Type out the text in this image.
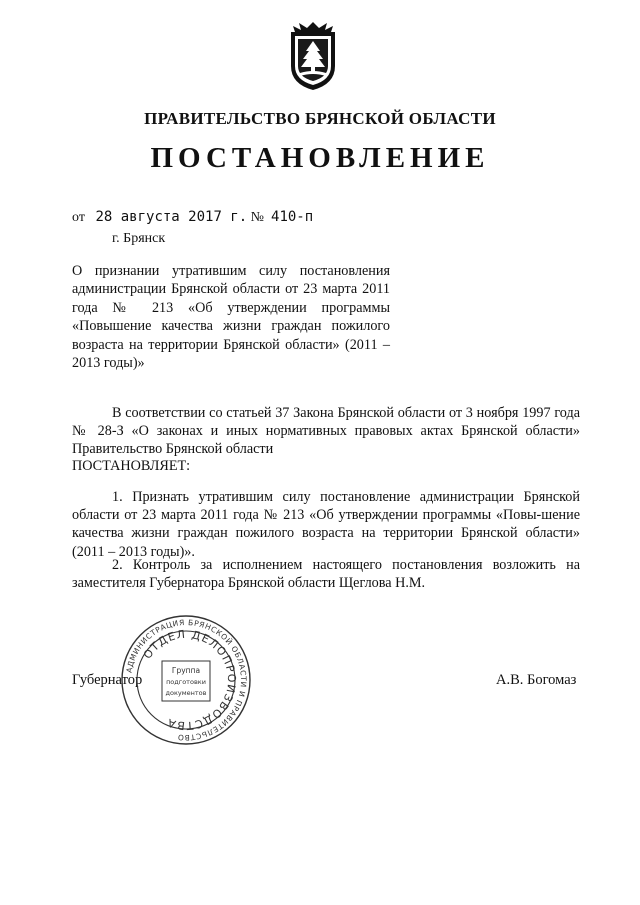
ПРАВИТЕЛЬСТВО БРЯНСКОЙ ОБЛАСТИ
ПОСТАНОВЛЕНИЕ
от 28 августа 2017 г. № 410-п
г. Брянск
О признании утратившим силу постановления администрации Брянской области от 23 марта 2011 года № 213 «Об утверждении программы «Повышение качества жизни граждан пожилого возраста на территории Брянской области» (2011 – 2013 годы)»
В соответствии со статьей 37 Закона Брянской области от 3 ноября 1997 года № 28-З «О законах и иных нормативных правовых актах Брянской области» Правительство Брянской области
ПОСТАНОВЛЯЕТ:
1. Признать утратившим силу постановление администрации Брянской области от 23 марта 2011 года № 213 «Об утверждении программы «Повы-шение качества жизни граждан пожилого возраста на территории Брянской области» (2011 – 2013 годы)».
2. Контроль за исполнением настоящего постановления возложить на заместителя Губернатора Брянской области Щеглова Н.М.
Губернатор	А.В. Богомаз
АДМИНИСТРАЦИЯ БРЯНСКОЙ ОБЛАСТИ И ПРАВИТЕЛЬСТВО
ОТДЕЛ ДЕЛОПРОИЗВОДСТВА
Группа
подготовки
документов
